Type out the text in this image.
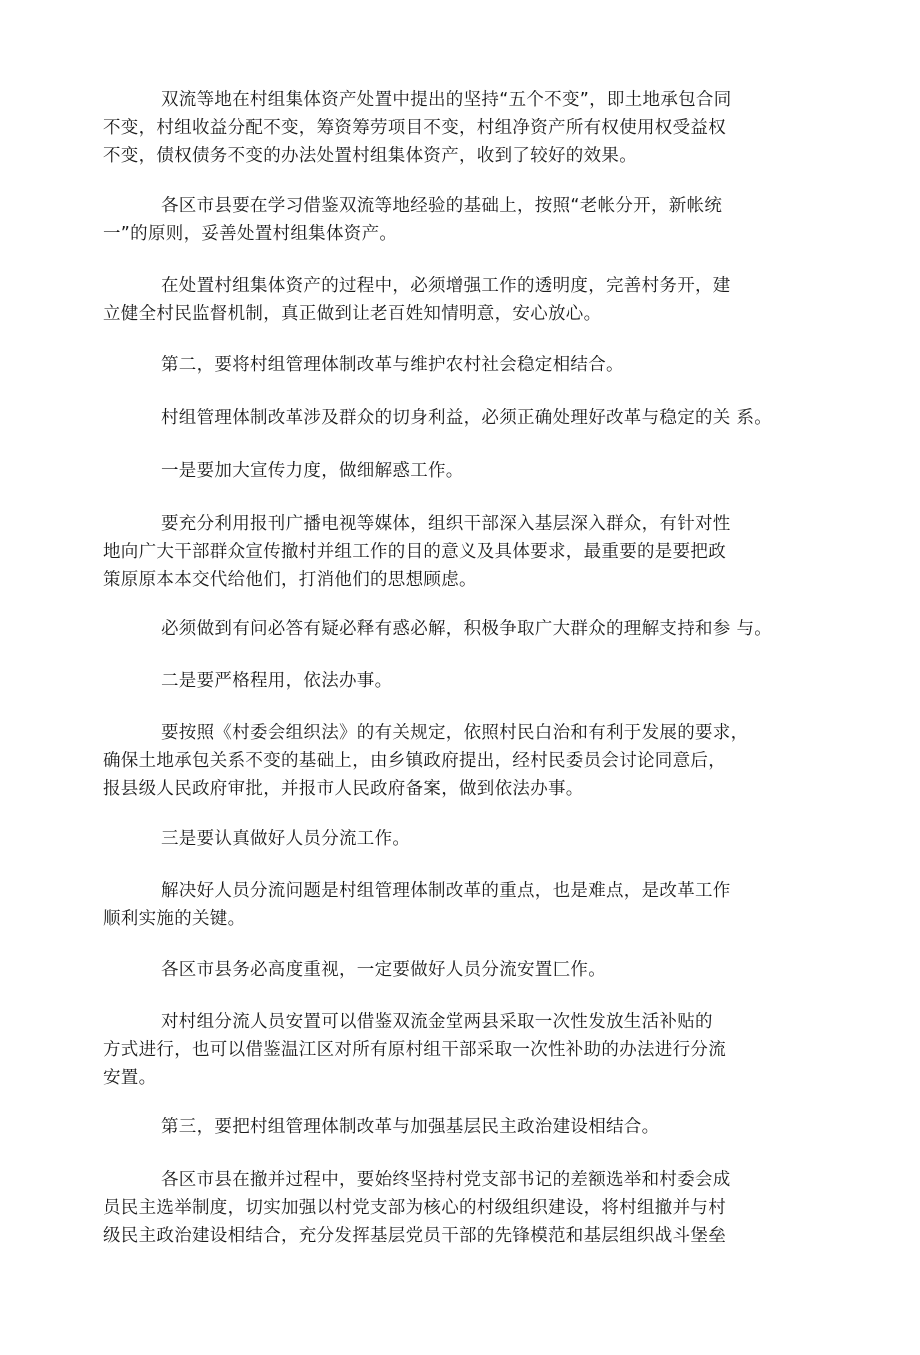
双流等地在村组集体资产处置中提出的坚持“五个不变”，即土地承包合同
不变，村组收益分配不变，筹资筹劳项目不变，村组净资产所有权使用权受益权
不变，债权债务不变的办法处置村组集体资产，收到了较好的效果。
各区市县要在学习借鉴双流等地经验的基础上，按照“老帐分开，新帐统
一”的原则，妥善处置村组集体资产。
在处置村组集体资产的过程中，必须增强工作的透明度，完善村务开，建
立健全村民监督机制，真正做到让老百姓知情明意，安心放心。
第二，要将村组管理体制改革与维护农村社会稳定相结合。
村组管理体制改革涉及群众的切身利益，必须正确处理好改革与稳定的关 系。
一是要加大宣传力度，做细解惑工作。
要充分利用报刊广播电视等媒体，组织干部深入基层深入群众，有针对性
地向广大干部群众宣传撤村并组工作的目的意义及具体要求，最重要的是要把政
策原原本本交代给他们，打消他们的思想顾虑。
必须做到有问必答有疑必释有惑必解，积极争取广大群众的理解支持和参 与。
二是要严格程用，依法办事。
要按照《村委会组织法》的有关规定，依照村民白治和有利于发展的要求，
确保土地承包关系不变的基础上，由乡镇政府提出，经村民委员会讨论同意后，
报县级人民政府审批，并报市人民政府备案，做到依法办事。
三是要认真做好人员分流工作。
解决好人员分流问题是村组管理体制改革的重点，也是难点，是改革工作
顺利实施的关键。
各区市县务必高度重视，一定要做好人员分流安置匚作。
对村组分流人员安置可以借鉴双流金堂两县采取一次性发放生活补贴的
方式进行，也可以借鉴温江区对所有原村组干部采取一次性补助的办法进行分流
安置。
第三，要把村组管理体制改革与加强基层民主政治建设相结合。
各区市县在撤并过程中，要始终坚持村党支部书记的差额选举和村委会成
员民主选举制度，切实加强以村党支部为核心的村级组织建设，将村组撤并与村
级民主政治建设相结合，充分发挥基层党员干部的先锋模范和基层组织战斗堡垒
